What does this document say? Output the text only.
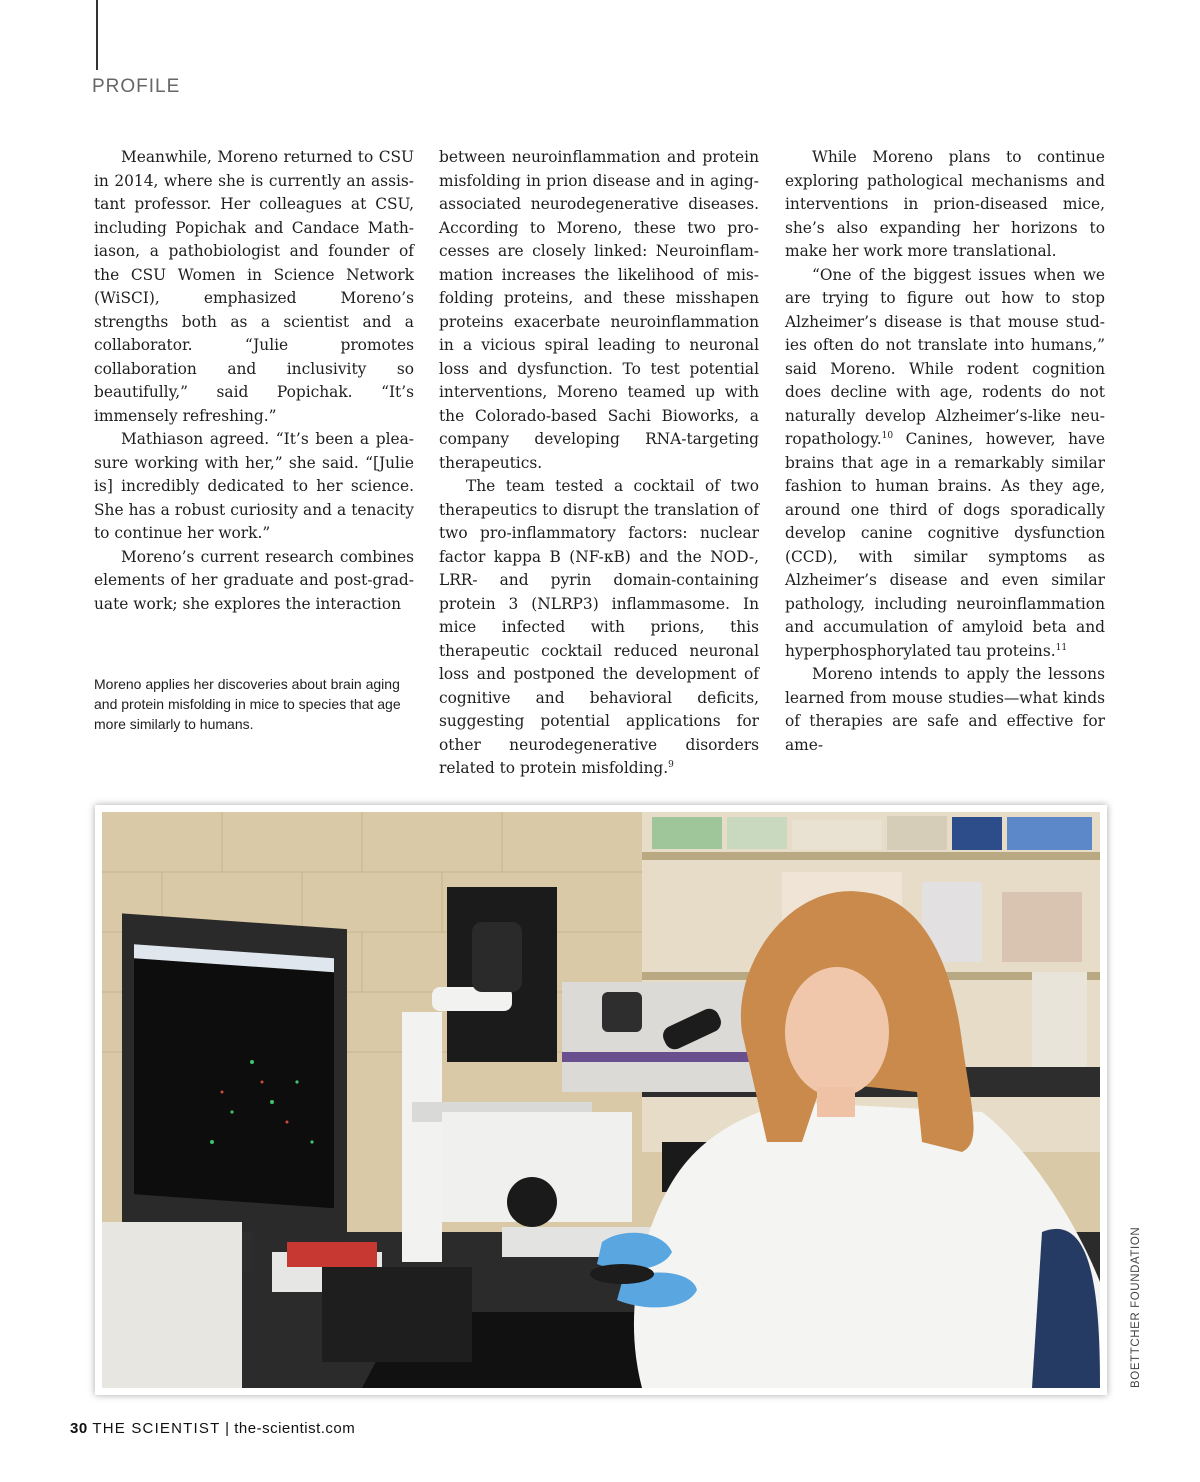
PROFILE

Meanwhile, Moreno returned to CSU in 2014, where she is currently an assistant professor. Her colleagues at CSU, including Popichak and Candace Mathiason, a pathobiologist and founder of the CSU Women in Science Network (WiSCI), emphasized Moreno’s strengths both as a scientist and a collaborator. “Julie promotes collaboration and inclusivity so beautifully,” said Popichak. “It’s immensely refreshing.”

Mathiason agreed. “It’s been a pleasure working with her,” she said. “[Julie is] incredibly dedicated to her science. She has a robust curiosity and a tenacity to continue her work.”

Moreno’s current research combines elements of her graduate and post-graduate work; she explores the interaction

between neuroinflammation and protein misfolding in prion disease and in aging-associated neurodegenerative diseases. According to Moreno, these two processes are closely linked: Neuroinflammation increases the likelihood of misfolding proteins, and these misshapen proteins exacerbate neuroinflammation in a vicious spiral leading to neuronal loss and dysfunction. To test potential interventions, Moreno teamed up with the Colorado-based Sachi Bioworks, a company developing RNA-targeting therapeutics.

The team tested a cocktail of two therapeutics to disrupt the translation of two pro-inflammatory factors: nuclear factor kappa B (NF-κB) and the NOD-, LRR- and pyrin domain-containing protein 3 (NLRP3) inflammasome. In mice infected with prions, this therapeutic cocktail reduced neuronal loss and postponed the development of cognitive and behavioral deficits, suggesting potential applications for other neurodegenerative disorders related to protein misfolding.$^9$

While Moreno plans to continue exploring pathological mechanisms and interventions in prion-diseased mice, she’s also expanding her horizons to make her work more translational.

“One of the biggest issues when we are trying to figure out how to stop Alzheimer’s disease is that mouse studies often do not translate into humans,” said Moreno. While rodent cognition does decline with age, rodents do not naturally develop Alzheimer’s-like neuropathology.$^{10}$ Canines, however, have brains that age in a remarkably similar fashion to human brains. As they age, around one third of dogs sporadically develop canine cognitive dysfunction (CCD), with similar symptoms as Alzheimer’s disease and even similar pathology, including neuroinflammation and accumulation of amyloid beta and hyperphosphorylated tau proteins.$^{11}$

Moreno intends to apply the lessons learned from mouse studies—what kinds of therapies are safe and effective for ame-

Moreno applies her discoveries about brain aging and protein misfolding in mice to species that age more similarly to humans.
BOETTCHER FOUNDATION
30 THE SCIENTIST | the-scientist.com
